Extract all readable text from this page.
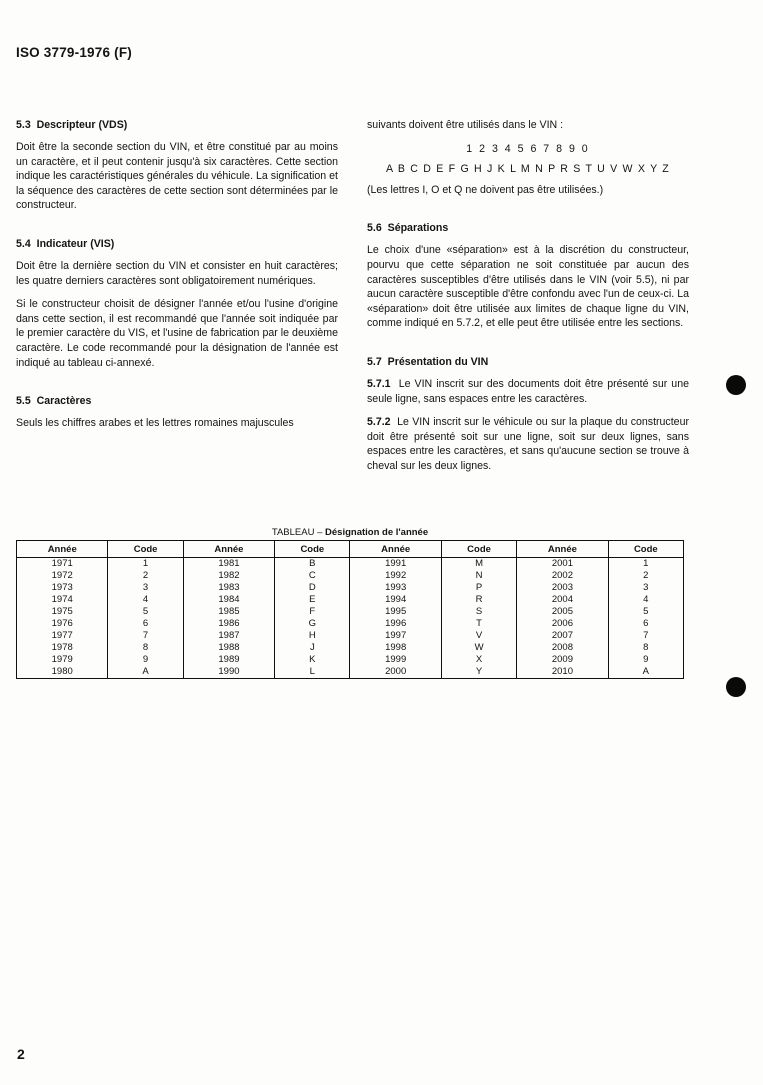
ISO 3779-1976 (F)
5.3 Descripteur (VDS)

Doit être la seconde section du VIN, et être constitué par au moins un caractère, et il peut contenir jusqu'à six caractères. Cette section indique les caractéristiques générales du véhicule. La signification et la séquence des caractères de cette section sont déterminées par le constructeur.

5.4 Indicateur (VIS)

Doit être la dernière section du VIN et consister en huit caractères; les quatre derniers caractères sont obligatoirement numériques.

Si le constructeur choisit de désigner l'année et/ou l'usine d'origine dans cette section, il est recommandé que l'année soit indiquée par le premier caractère du VIS, et l'usine de fabrication par le deuxième caractère. Le code recommandé pour la désignation de l'année est indiqué au tableau ci-annexé.

5.5 Caractères

Seuls les chiffres arabes et les lettres romaines majuscules

suivants doivent être utilisés dans le VIN :

1 2 3 4 5 6 7 8 9 0
A B C D E F G H J K L M N P R S T U V W X Y Z

(Les lettres I, O et Q ne doivent pas être utilisées.)

5.6 Séparations

Le choix d'une «séparation» est à la discrétion du constructeur, pourvu que cette séparation ne soit constituée par aucun des caractères susceptibles d'être utilisés dans le VIN (voir 5.5), ni par aucun caractère susceptible d'être confondu avec l'un de ceux-ci. La «séparation» doit être utilisée aux limites de chaque ligne du VIN, comme indiqué en 5.7.2, et elle peut être utilisée entre les sections.

5.7 Présentation du VIN

5.7.1 Le VIN inscrit sur des documents doit être présenté sur une seule ligne, sans espaces entre les caractères.

5.7.2 Le VIN inscrit sur le véhicule ou sur la plaque du constructeur doit être présenté soit sur une ligne, soit sur deux lignes, sans espaces entre les caractères, et sans qu'aucune section se trouve à cheval sur les deux lignes.

TABLEAU – Désignation de l'année
Année	Code	Année	Code	Année	Code	Année	Code
1971	1	1981	B	1991	M	2001	1
1972	2	1982	C	1992	N	2002	2
1973	3	1983	D	1993	P	2003	3
1974	4	1984	E	1994	R	2004	4
1975	5	1985	F	1995	S	2005	5
1976	6	1986	G	1996	T	2006	6
1977	7	1987	H	1997	V	2007	7
1978	8	1988	J	1998	W	2008	8
1979	9	1989	K	1999	X	2009	9
1980	A	1990	L	2000	Y	2010	A
2
